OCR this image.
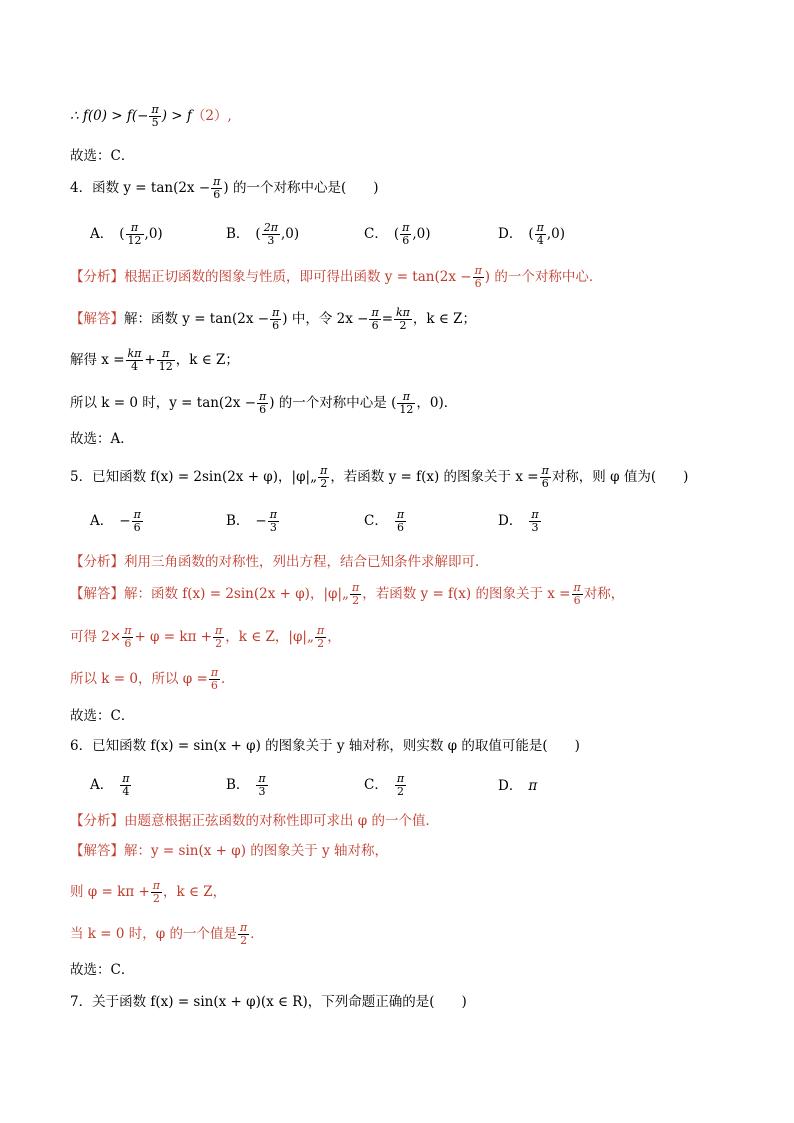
∴ $f(0) > f(- \frac{\pi}{5}$ ) > f（2）,
故选：C．
4．函数 $y = \tan(2x - \frac{\pi}{6}$ ) 的一个对称中心是(　　)
A． ( $\frac{\pi}{12} ,0$)	B． ( $\frac{2\pi}{3} ,0$)	C． ( $\frac{\pi}{6} ,0$)	D． ( $\frac{\pi}{4} ,0$)
【分析】根据正切函数的图象与性质，即可得出函数 $y = \tan(2x - \frac{\pi}{6}$ ) 的一个对称中心．
【解答】解：函数 $y = \tan(2x - \frac{\pi}{6}$ ) 中，令 $2x - \frac{\pi}{6} = \frac{k\pi}{2}$ ，k ∈ Z；
解得 $x = \frac{k\pi}{4} + \frac{\pi}{12}$ ，k ∈ Z；
所以 k = 0 时，$y = \tan(2x - \frac{\pi}{6}$ ) 的一个对称中心是 ( $\frac{\pi}{12}$ ，0)．
故选：A．
5．已知函数 f(x) = 2sin(2x + φ)，|φ|„ $\frac{\pi}{2}$ ，若函数 y = f(x) 的图象关于 $x = \frac{\pi}{6}$ 对称，则 φ 值为(　　)
A． − $\frac{\pi}{6}$	B． − $\frac{\pi}{3}$	C． $\frac{\pi}{6}$	D． $\frac{\pi}{3}$
【分析】利用三角函数的对称性，列出方程，结合已知条件求解即可．
【解答】解：函数 f(x) = 2sin(2x + φ)，|φ|„ $\frac{\pi}{2}$ ，若函数 y = f(x) 的图象关于 $x = \frac{\pi}{6}$ 对称，
可得 $2\times \frac{\pi}{6} + \varphi = k\pi + \frac{\pi}{2}$ ，k ∈ Z，|φ|„ $\frac{\pi}{2}$ ，
所以 k = 0，所以 $\varphi = \frac{\pi}{6}$ ．
故选：C．
6．已知函数 f(x) = sin(x + φ) 的图象关于 y 轴对称，则实数 φ 的取值可能是(　　)
A． $\frac{\pi}{4}$	B． $\frac{\pi}{3}$	C． $\frac{\pi}{2}$	D． π
【分析】由题意根据正弦函数的对称性即可求出 φ 的一个值．
【解答】解：y = sin(x + φ) 的图象关于 y 轴对称，
则 $\varphi = k\pi + \frac{\pi}{2}$ ，k ∈ Z，
当 k = 0 时，φ 的一个值是 $\frac{\pi}{2}$ ．
故选：C．
7．关于函数 f(x) = sin(x + φ)(x ∈ R)，下列命题正确的是(　　)
